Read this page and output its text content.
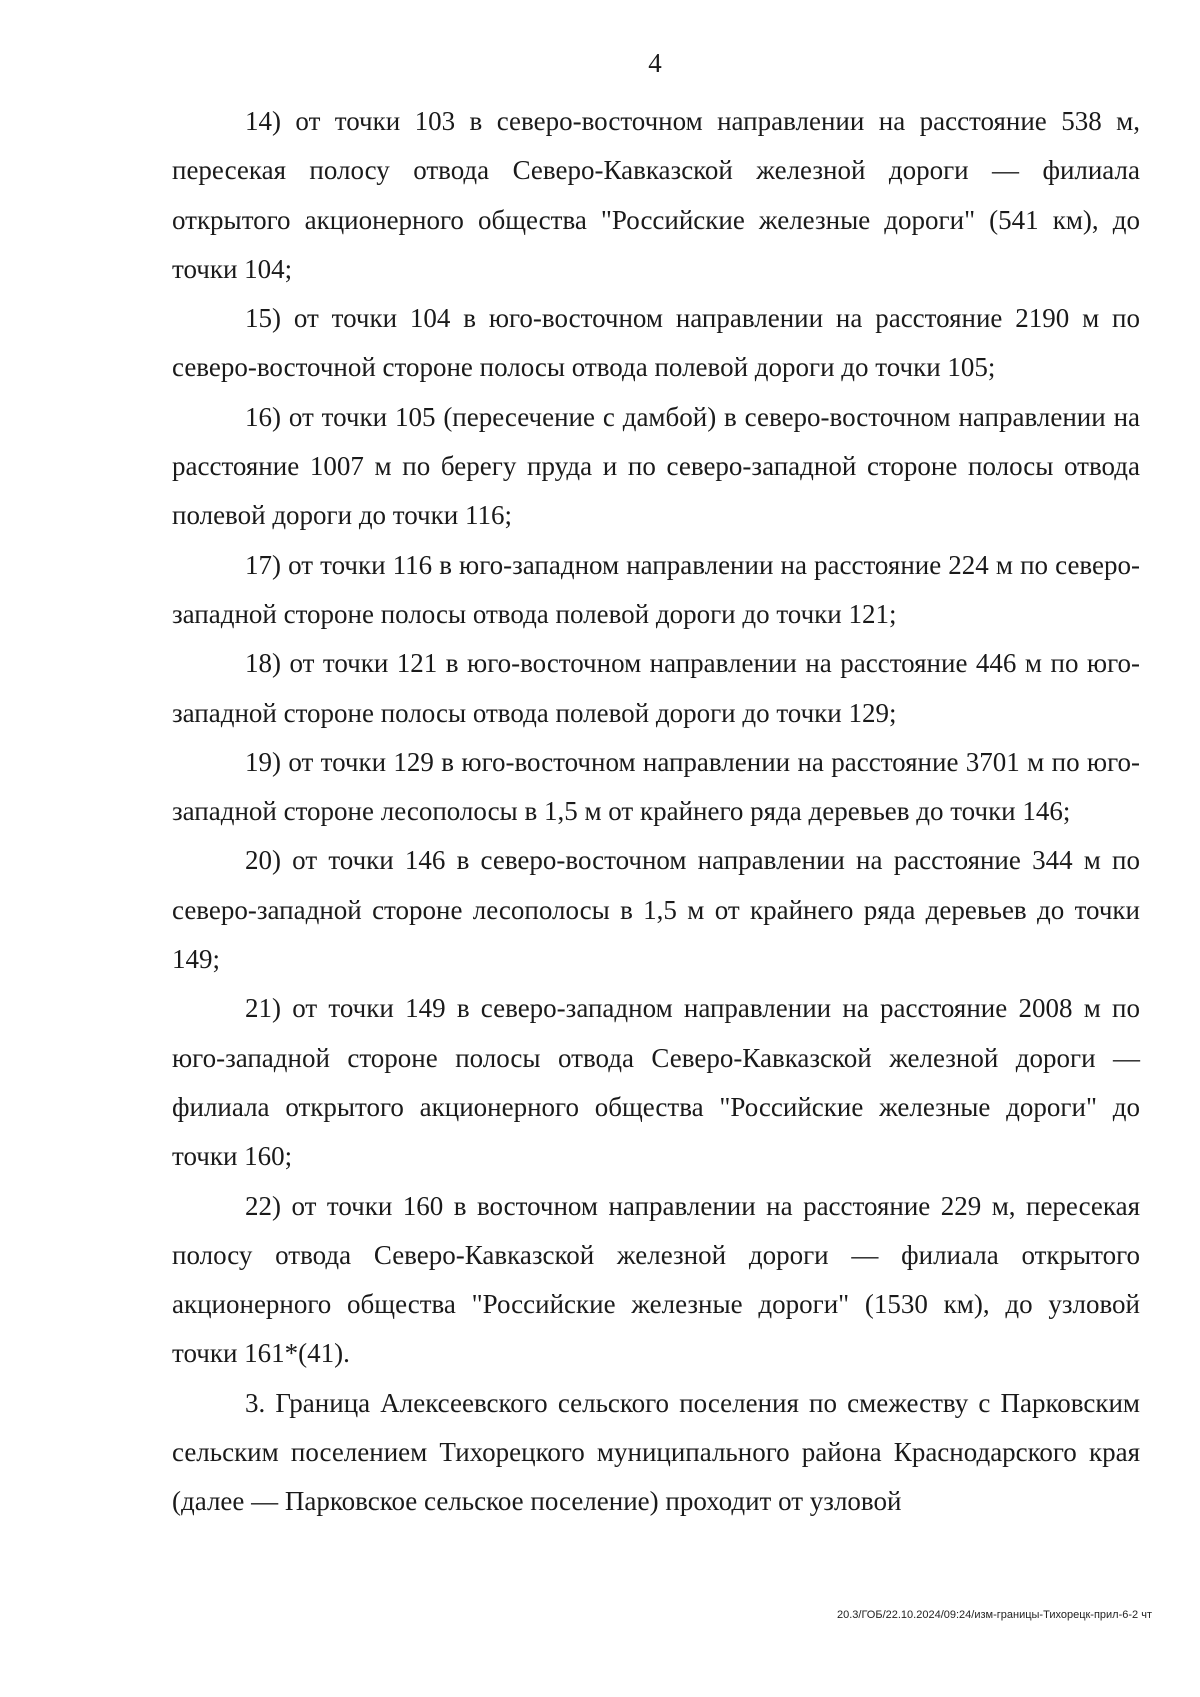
4

14) от точки 103 в северо-восточном направлении на расстояние 538 м, пересекая полосу отвода Северо-Кавказской железной дороги — филиала открытого акционерного общества "Российские железные дороги" (541 км), до точки 104;

15) от точки 104 в юго-восточном направлении на расстояние 2190 м по северо-восточной стороне полосы отвода полевой дороги до точки 105;

16) от точки 105 (пересечение с дамбой) в северо-восточном направлении на расстояние 1007 м по берегу пруда и по северо-западной стороне полосы отвода полевой дороги до точки 116;

17) от точки 116 в юго-западном направлении на расстояние 224 м по северо-западной стороне полосы отвода полевой дороги до точки 121;

18) от точки 121 в юго-восточном направлении на расстояние 446 м по юго-западной стороне полосы отвода полевой дороги до точки 129;

19) от точки 129 в юго-восточном направлении на расстояние 3701 м по юго-западной стороне лесополосы в 1,5 м от крайнего ряда деревьев до точки 146;

20) от точки 146 в северо-восточном направлении на расстояние 344 м по северо-западной стороне лесополосы в 1,5 м от крайнего ряда деревьев до точки 149;

21) от точки 149 в северо-западном направлении на расстояние 2008 м по юго-западной стороне полосы отвода Северо-Кавказской железной дороги — филиала открытого акционерного общества "Российские железные дороги" до точки 160;

22) от точки 160 в восточном направлении на расстояние 229 м, пересекая полосу отвода Северо-Кавказской железной дороги — филиала открытого акционерного общества "Российские железные дороги" (1530 км), до узловой точки 161*(41).

3. Граница Алексеевского сельского поселения по смежеству с Парковским сельским поселением Тихорецкого муниципального района Краснодарского края (далее — Парковское сельское поселение) проходит от узловой

20.3/ГОБ/22.10.2024/09:24/изм-границы-Тихорецк-прил-6-2 чт
